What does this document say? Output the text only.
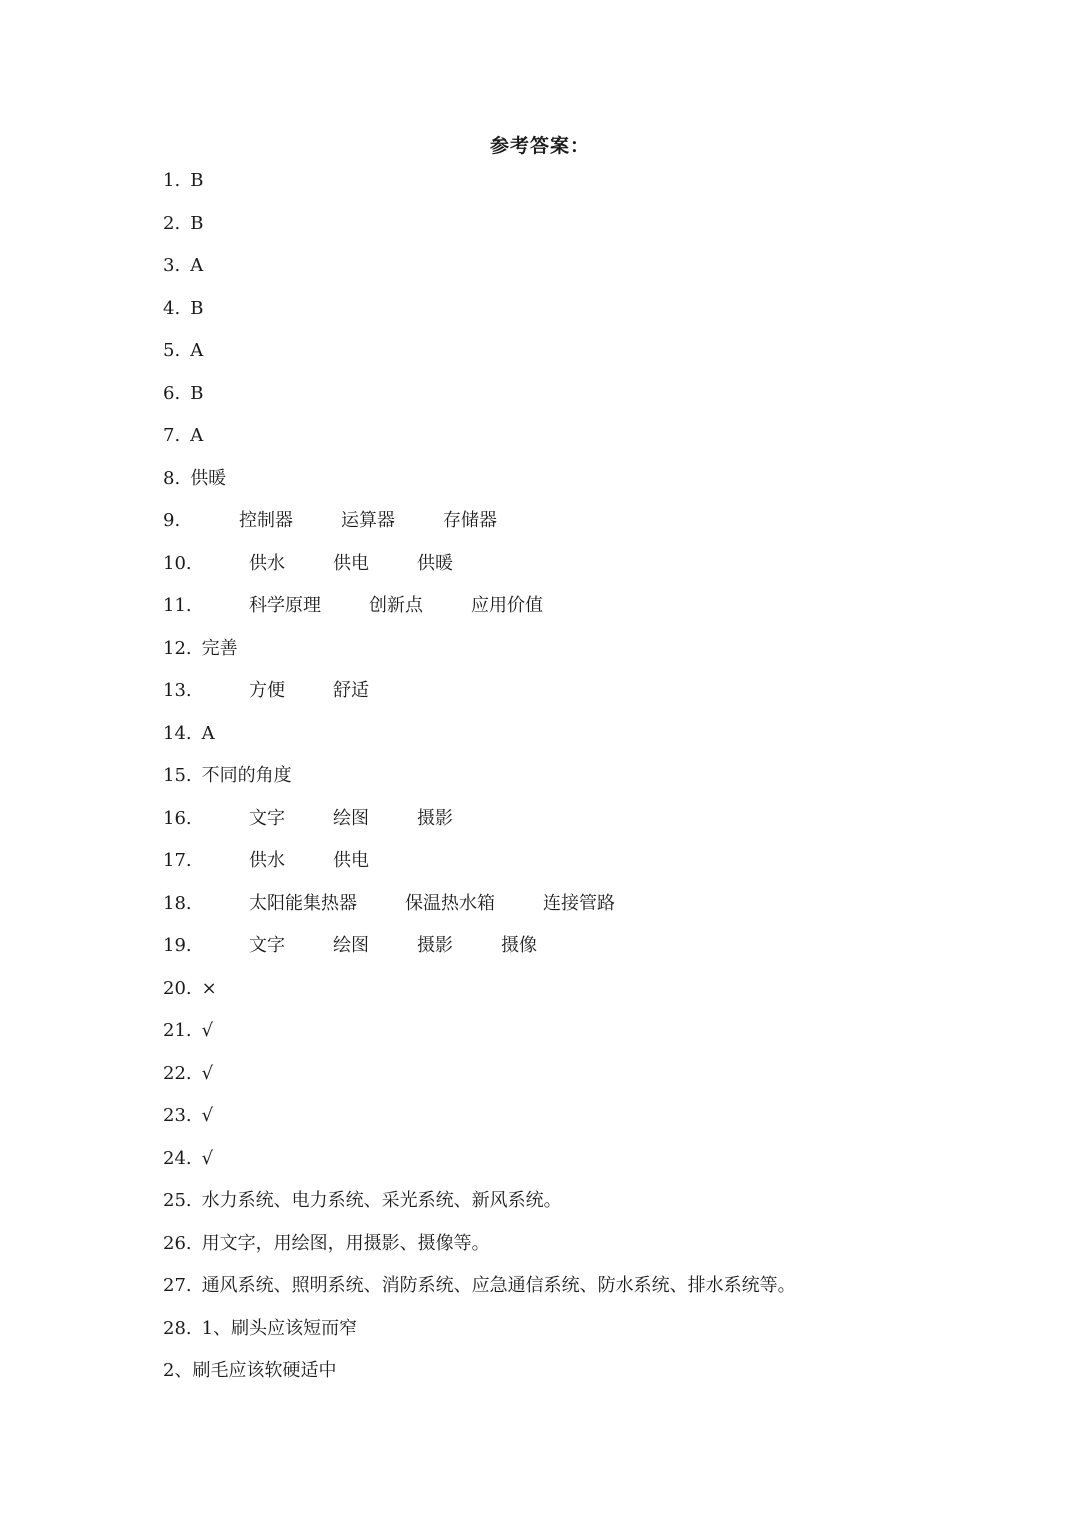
参考答案：
1. B
2. B
3. A
4. B
5. A
6. B
7. A
8. 供暖
9.	控制器	运算器	存储器
10.	供水	供电	供暖
11.	科学原理	创新点	应用价值
12. 完善
13.	方便	舒适
14. A
15. 不同的角度
16.	文字	绘图	摄影
17.	供水	供电
18.	太阳能集热器	保温热水箱	连接管路
19.	文字	绘图	摄影	摄像
20. ×
21. √
22. √
23. √
24. √
25. 水力系统、电力系统、采光系统、新风系统。
26. 用文字，用绘图，用摄影、摄像等。
27. 通风系统、照明系统、消防系统、应急通信系统、防水系统、排水系统等。
28. 1、刷头应该短而窄
2、刷毛应该软硬适中
